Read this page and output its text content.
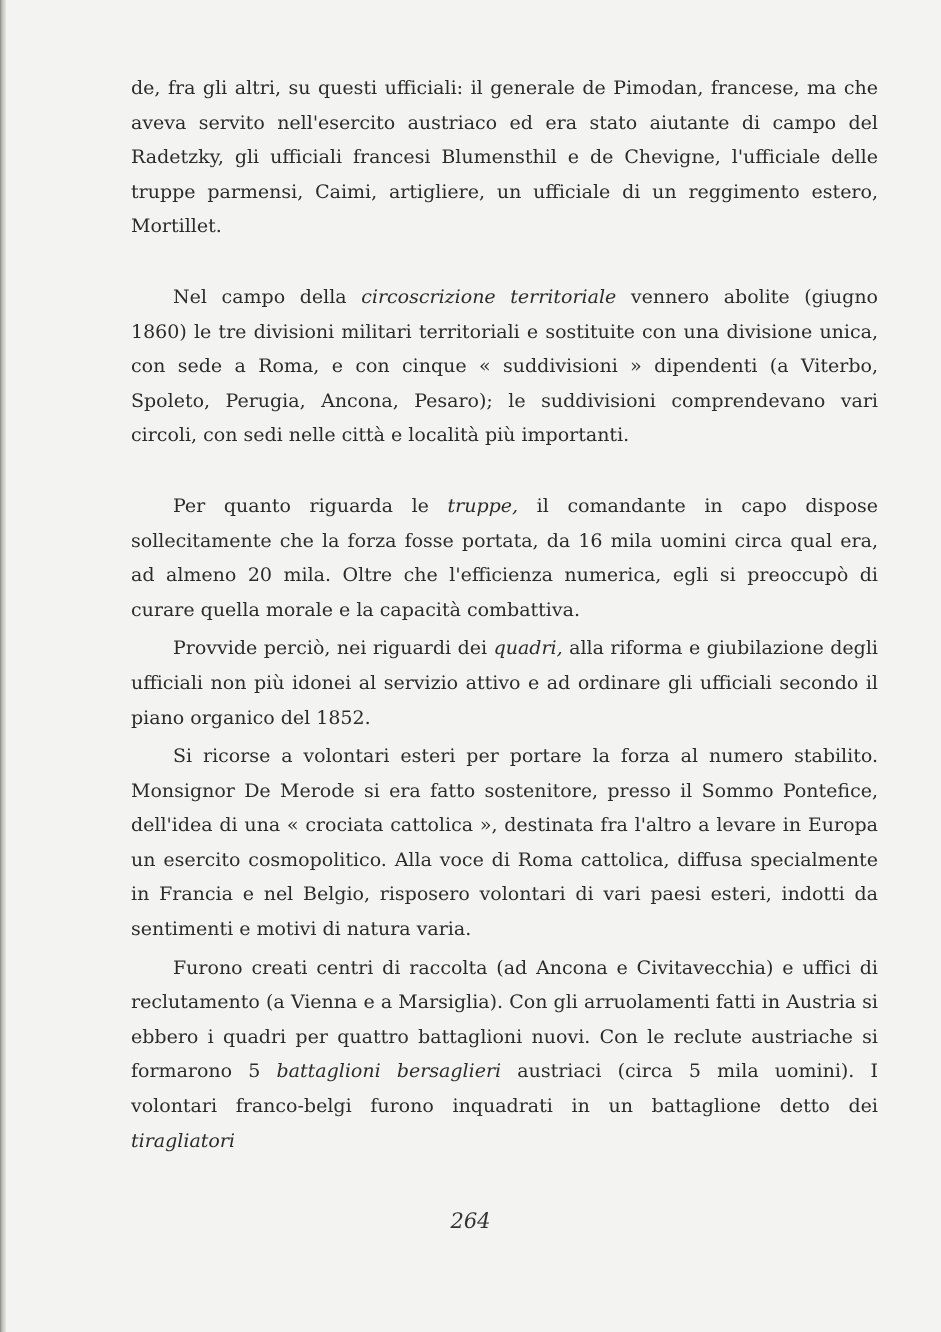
de, fra gli altri, su questi ufficiali: il generale de Pimodan, francese, ma che aveva servito nell'esercito austriaco ed era stato aiutante di campo del Radetzky, gli ufficiali francesi Blumensthil e de Chevigne, l'ufficiale delle truppe parmensi, Caimi, artigliere, un ufficiale di un reggimento estero, Mortillet.

Nel campo della circoscrizione territoriale vennero abolite (giugno 1860) le tre divisioni militari territoriali e sostituite con una divisione unica, con sede a Roma, e con cinque « suddivisioni » dipendenti (a Viterbo, Spoleto, Perugia, Ancona, Pesaro); le suddivisioni comprendevano vari circoli, con sedi nelle città e località più importanti.

Per quanto riguarda le truppe, il comandante in capo dispose sollecitamente che la forza fosse portata, da 16 mila uomini circa qual era, ad almeno 20 mila. Oltre che l'efficienza numerica, egli si preoccupò di curare quella morale e la capacità combattiva.

Provvide perciò, nei riguardi dei quadri, alla riforma e giubilazione degli ufficiali non più idonei al servizio attivo e ad ordinare gli ufficiali secondo il piano organico del 1852.

Si ricorse a volontari esteri per portare la forza al numero stabilito. Monsignor De Merode si era fatto sostenitore, presso il Sommo Pontefice, dell'idea di una « crociata cattolica », destinata fra l'altro a levare in Europa un esercito cosmopolitico. Alla voce di Roma cattolica, diffusa specialmente in Francia e nel Belgio, risposero volontari di vari paesi esteri, indotti da sentimenti e motivi di natura varia.

Furono creati centri di raccolta (ad Ancona e Civitavecchia) e uffici di reclutamento (a Vienna e a Marsiglia). Con gli arruolamenti fatti in Austria si ebbero i quadri per quattro battaglioni nuovi. Con le reclute austriache si formarono 5 battaglioni bersaglieri austriaci (circa 5 mila uomini). I volontari franco-belgi furono inquadrati in un battaglione detto dei tiragliatori

264
